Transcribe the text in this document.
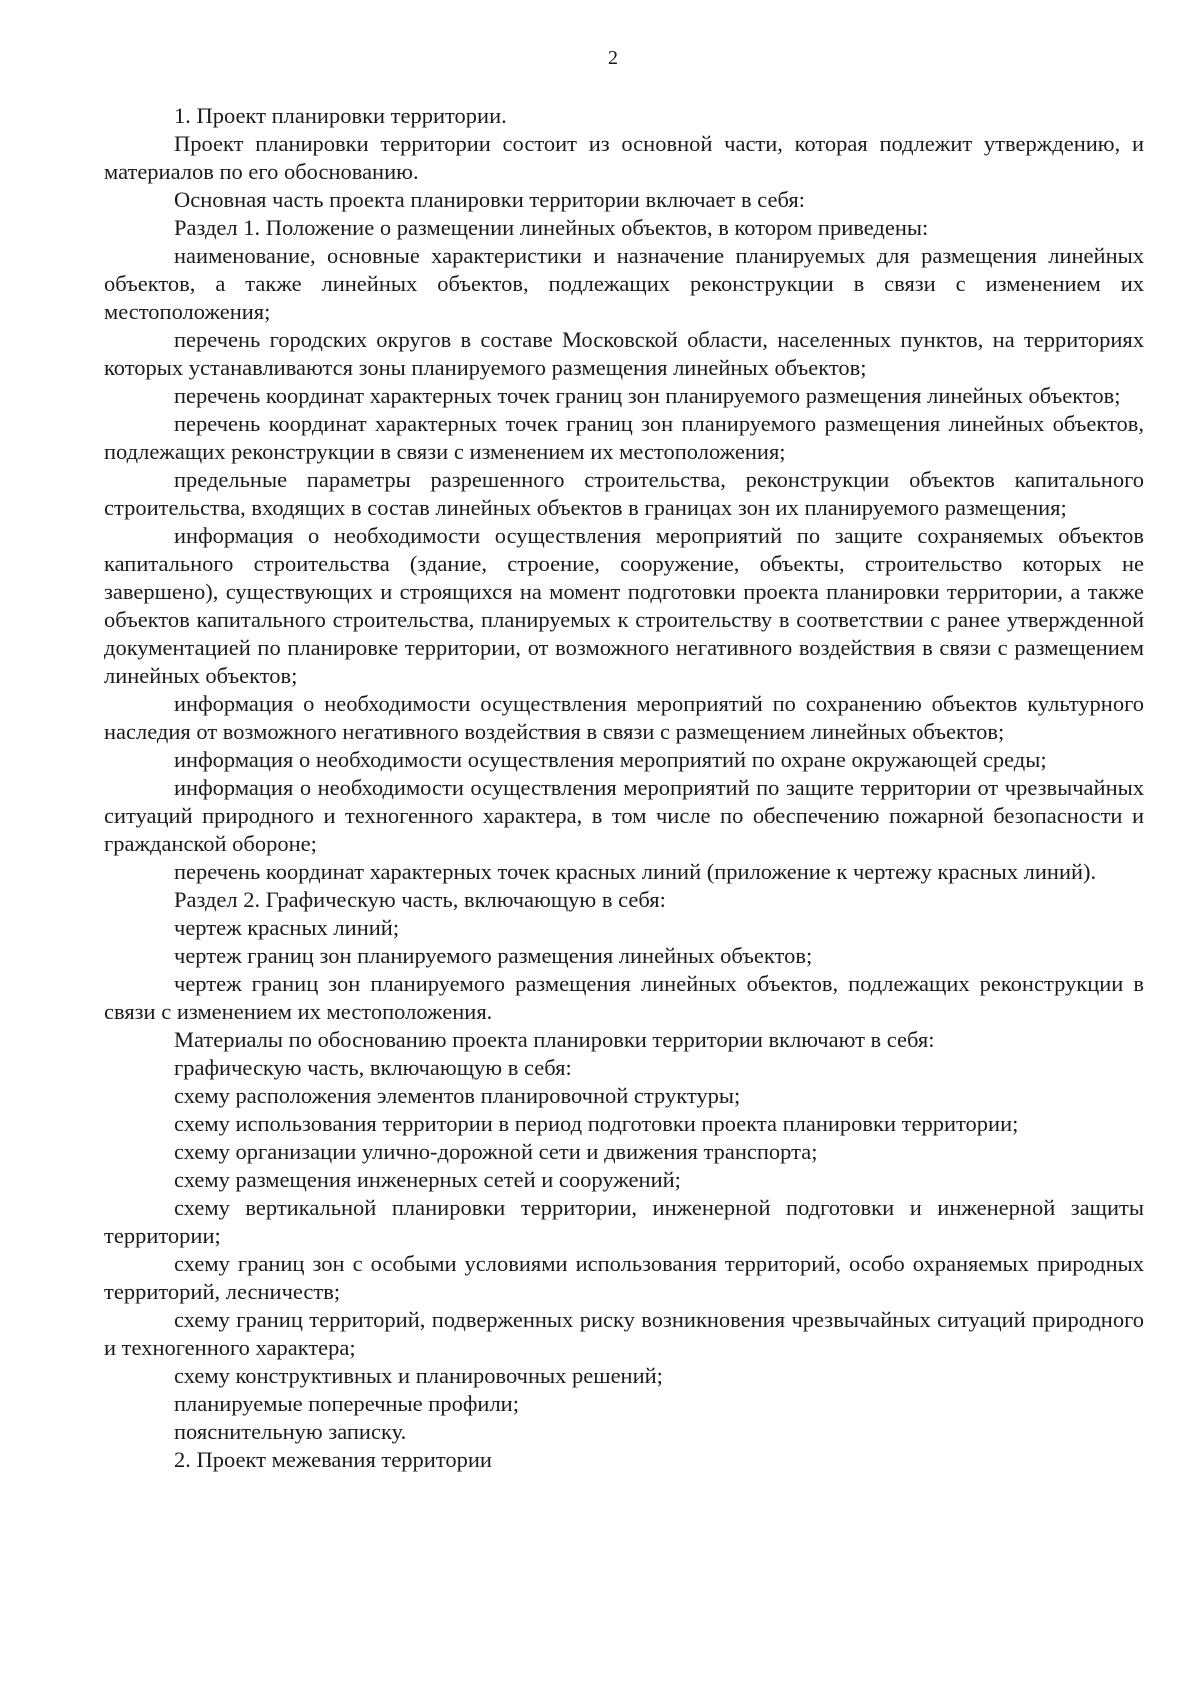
2

1. Проект планировки территории.

Проект планировки территории состоит из основной части, которая подлежит утверждению, и материалов по его обоснованию.

Основная часть проекта планировки территории включает в себя:

Раздел 1. Положение о размещении линейных объектов, в котором приведены:

наименование, основные характеристики и назначение планируемых для размещения линейных объектов, а также линейных объектов, подлежащих реконструкции в связи с изменением их местоположения;

перечень городских округов в составе Московской области, населенных пунктов, на территориях которых устанавливаются зоны планируемого размещения линейных объектов;

перечень координат характерных точек границ зон планируемого размещения линейных объектов;

перечень координат характерных точек границ зон планируемого размещения линейных объектов, подлежащих реконструкции в связи с изменением их местоположения;

предельные параметры разрешенного строительства, реконструкции объектов капитального строительства, входящих в состав линейных объектов в границах зон их планируемого размещения;

информация о необходимости осуществления мероприятий по защите сохраняемых объектов капитального строительства (здание, строение, сооружение, объекты, строительство которых не завершено), существующих и строящихся на момент подготовки проекта планировки территории, а также объектов капитального строительства, планируемых к строительству в соответствии с ранее утвержденной документацией по планировке территории, от возможного негативного воздействия в связи с размещением линейных объектов;

информация о необходимости осуществления мероприятий по сохранению объектов культурного наследия от возможного негативного воздействия в связи с размещением линейных объектов;

информация о необходимости осуществления мероприятий по охране окружающей среды;

информация о необходимости осуществления мероприятий по защите территории от чрезвычайных ситуаций природного и техногенного характера, в том числе по обеспечению пожарной безопасности и гражданской обороне;

перечень координат характерных точек красных линий (приложение к чертежу красных линий).

Раздел 2. Графическую часть, включающую в себя:

чертеж красных линий;

чертеж границ зон планируемого размещения линейных объектов;

чертеж границ зон планируемого размещения линейных объектов, подлежащих реконструкции в связи с изменением их местоположения.

Материалы по обоснованию проекта планировки территории включают в себя:

графическую часть, включающую в себя:

схему расположения элементов планировочной структуры;

схему использования территории в период подготовки проекта планировки территории;

схему организации улично-дорожной сети и движения транспорта;

схему размещения инженерных сетей и сооружений;

схему вертикальной планировки территории, инженерной подготовки и инженерной защиты территории;

схему границ зон с особыми условиями использования территорий, особо охраняемых природных территорий, лесничеств;

схему границ территорий, подверженных риску возникновения чрезвычайных ситуаций природного и техногенного характера;

схему конструктивных и планировочных решений;

планируемые поперечные профили;

пояснительную записку.

2. Проект межевания территории
